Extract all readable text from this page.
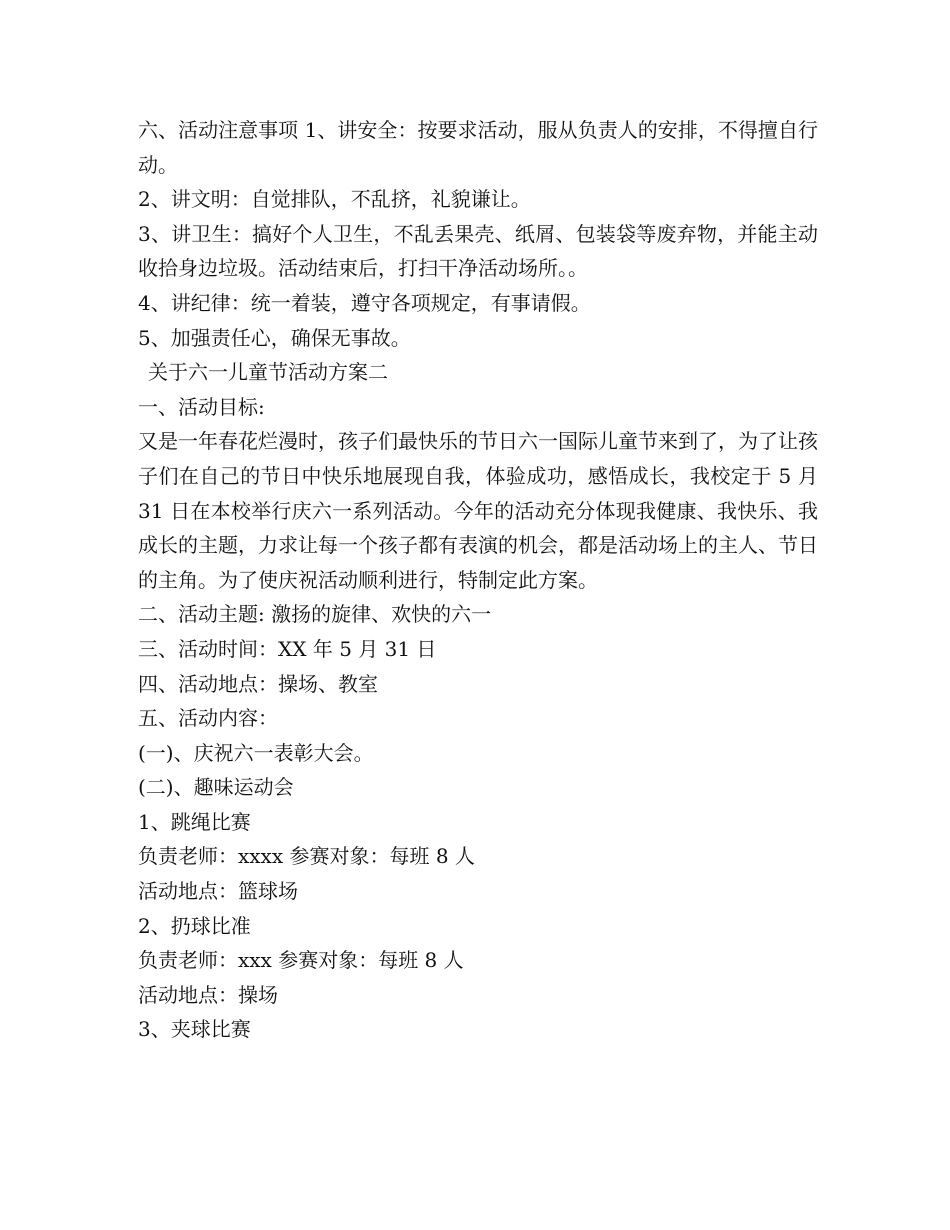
六、活动注意事项 1、讲安全：按要求活动，服从负责人的安排，不得擅自行动。
2、讲文明：自觉排队，不乱挤，礼貌谦让。
3、讲卫生：搞好个人卫生，不乱丢果壳、纸屑、包装袋等废弃物，并能主动收拾身边垃圾。活动结束后，打扫干净活动场所。。
4、讲纪律：统一着装，遵守各项规定，有事请假。
5、加强责任心，确保无事故。
关于六一儿童节活动方案二
一、活动目标:
又是一年春花烂漫时，孩子们最快乐的节日六一国际儿童节来到了，为了让孩子们在自己的节日中快乐地展现自我，体验成功，感悟成长，我校定于 5 月 31 日在本校举行庆六一系列活动。今年的活动充分体现我健康、我快乐、我成长的主题，力求让每一个孩子都有表演的机会，都是活动场上的主人、节日的主角。为了使庆祝活动顺利进行，特制定此方案。
二、活动主题: 激扬的旋律、欢快的六一
三、活动时间：XX 年 5 月 31 日
四、活动地点：操场、教室
五、活动内容：
(一)、庆祝六一表彰大会。
(二)、趣味运动会
1、跳绳比赛
负责老师：xxxx 参赛对象：每班 8 人
活动地点：篮球场
2、扔球比准
负责老师：xxx 参赛对象：每班 8 人
活动地点：操场
3、夹球比赛
